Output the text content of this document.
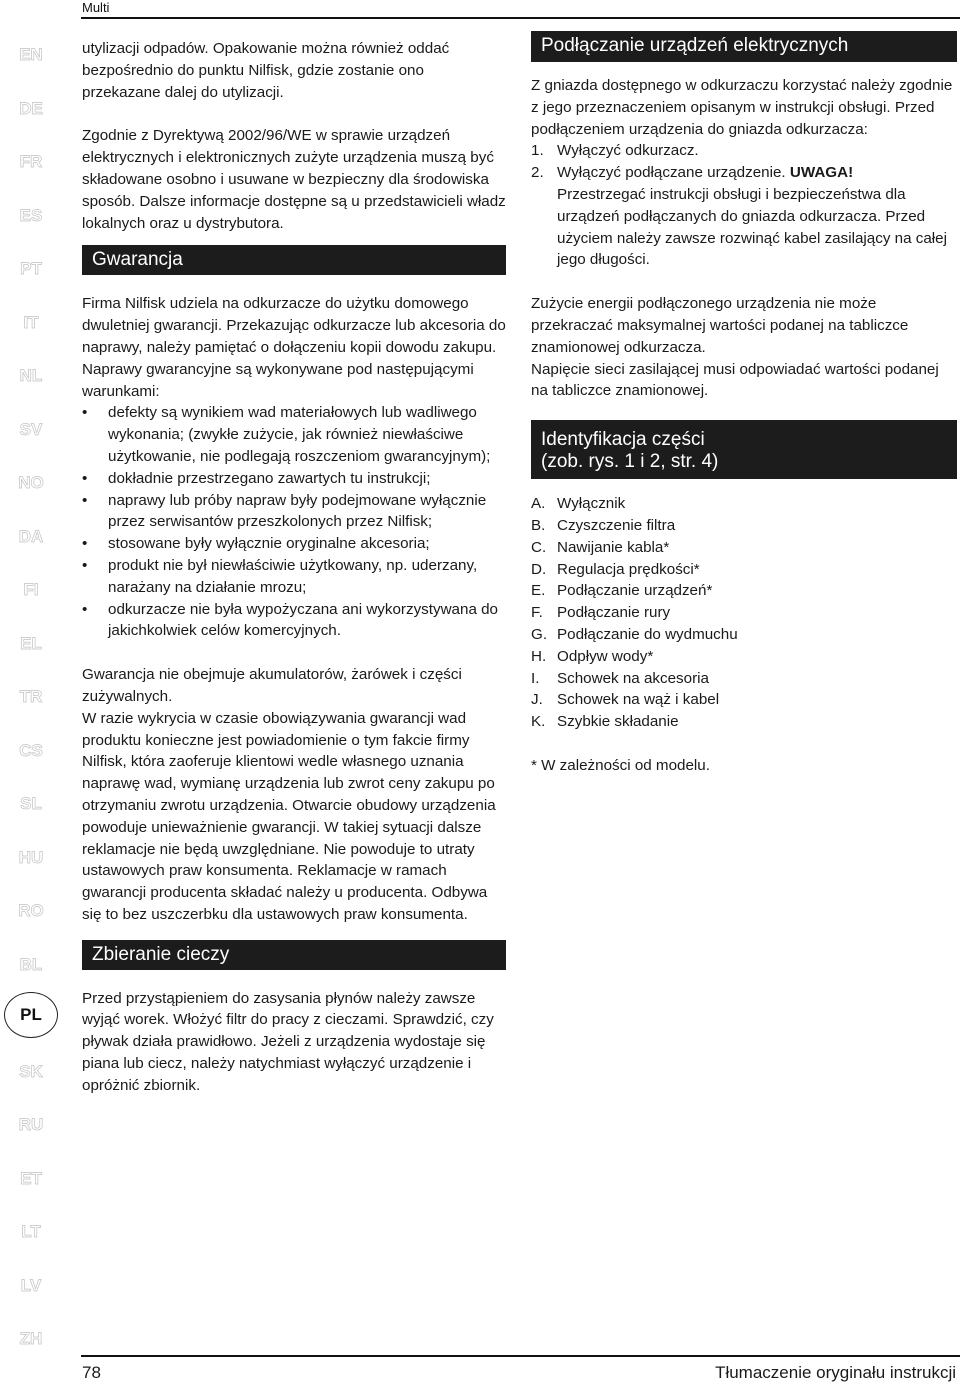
Multi
EN
DE
FR
ES
PT
IT
NL
SV
NO
DA
FI
EL
TR
CS
SL
HU
RO
BL
PL
SK
RU
ET
LT
LV
ZH

utylizacji odpadów. Opakowanie można również oddać bezpośrednio do punktu Nilfisk, gdzie zostanie ono przekazane dalej do utylizacji.

Zgodnie z Dyrektywą 2002/96/WE w sprawie urządzeń elektrycznych i elektronicznych zużyte urządzenia muszą być składowane osobno i usuwane w bezpieczny dla środowiska sposób. Dalsze informacje dostępne są u przedstawicieli władz lokalnych oraz u dystrybutora.

Gwarancja

Firma Nilfisk udziela na odkurzacze do użytku domowego dwuletniej gwarancji. Przekazując odkurzacze lub akcesoria do naprawy, należy pamiętać o dołączeniu kopii dowodu zakupu.

Naprawy gwarancyjne są wykonywane pod następującymi warunkami:

• defekty są wynikiem wad materiałowych lub wadliwego wykonania; (zwykłe zużycie, jak również niewłaściwe użytkowanie, nie podlegają roszczeniom gwarancyjnym);
• dokładnie przestrzegano zawartych tu instrukcji;
• naprawy lub próby napraw były podejmowane wyłącznie przez serwisantów przeszkolonych przez Nilfisk;
• stosowane były wyłącznie oryginalne akcesoria;
• produkt nie był niewłaściwie użytkowany, np. uderzany, narażany na działanie mrozu;
• odkurzacze nie była wypożyczana ani wykorzystywana do jakichkolwiek celów komercyjnych.

Gwarancja nie obejmuje akumulatorów, żarówek i części zużywalnych.

W razie wykrycia w czasie obowiązywania gwarancji wad produktu konieczne jest powiadomienie o tym fakcie firmy Nilfisk, która zaoferuje klientowi wedle własnego uznania naprawę wad, wymianę urządzenia lub zwrot ceny zakupu po otrzymaniu zwrotu urządzenia. Otwarcie obudowy urządzenia powoduje unieważnienie gwarancji. W takiej sytuacji dalsze reklamacje nie będą uwzględniane. Nie powoduje to utraty ustawowych praw konsumenta. Reklamacje w ramach gwarancji producenta składać należy u producenta. Odbywa się to bez uszczerbku dla ustawowych praw konsumenta.

Zbieranie cieczy

Przed przystąpieniem do zasysania płynów należy zawsze wyjąć worek. Włożyć filtr do pracy z cieczami. Sprawdzić, czy pływak działa prawidłowo. Jeżeli z urządzenia wydostaje się piana lub ciecz, należy natychmiast wyłączyć urządzenie i opróżnić zbiornik.

Podłączanie urządzeń elektrycznych

Z gniazda dostępnego w odkurzaczu korzystać należy zgodnie z jego przeznaczeniem opisanym w instrukcji obsługi. Przed podłączeniem urządzenia do gniazda odkurzacza:

1. Wyłączyć odkurzacz.
2. Wyłączyć podłączane urządzenie. UWAGA!
Przestrzegać instrukcji obsługi i bezpieczeństwa dla urządzeń podłączanych do gniazda odkurzacza. Przed użyciem należy zawsze rozwinąć kabel zasilający na całej jego długości.

Zużycie energii podłączonego urządzenia nie może przekraczać maksymalnej wartości podanej na tabliczce znamionowej odkurzacza.

Napięcie sieci zasilającej musi odpowiadać wartości podanej na tabliczce znamionowej.

Identyfikacja części
(zob. rys. 1 i 2, str. 4)
A. Wyłącznik
B. Czyszczenie filtra
C. Nawijanie kabla*
D. Regulacja prędkości*
E. Podłączanie urządzeń*
F. Podłączanie rury
G. Podłączanie do wydmuchu
H. Odpływ wody*
I. Schowek na akcesoria
J. Schowek na wąż i kabel
K. Szybkie składanie

* W zależności od modelu.

78	Tłumaczenie oryginału instrukcji
